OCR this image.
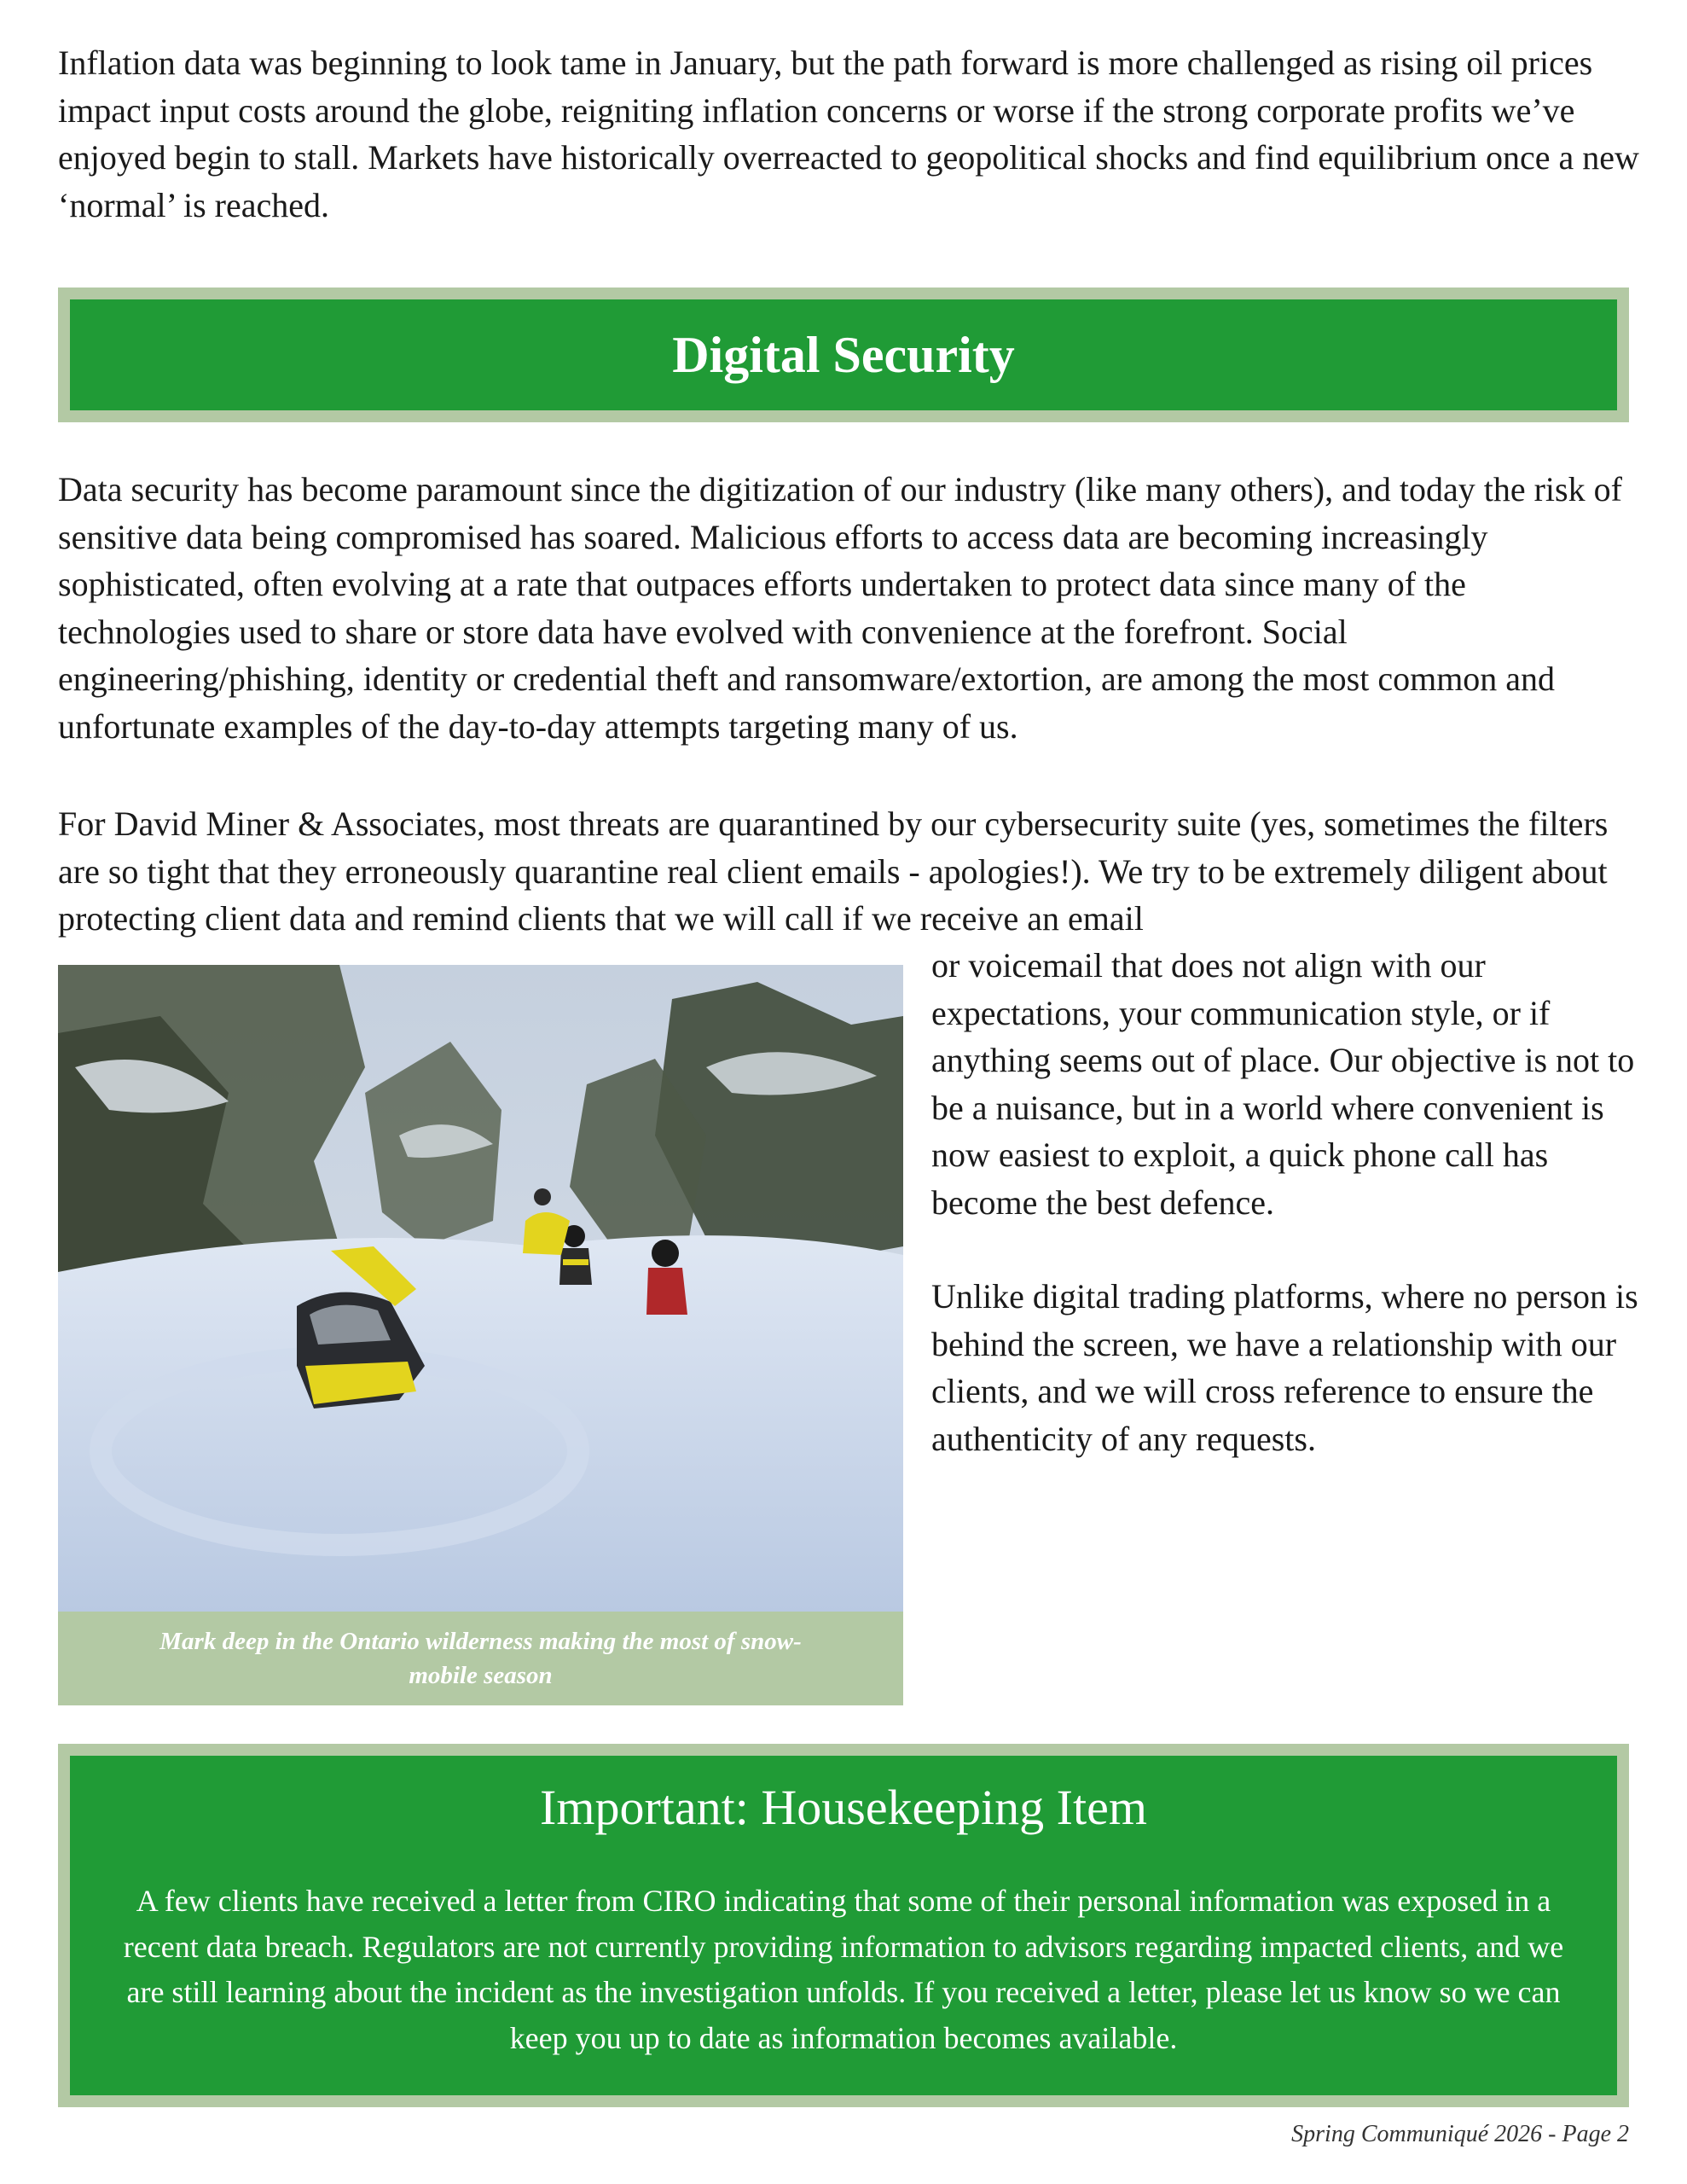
Inflation data was beginning to look tame in January, but the path forward is more challenged as rising oil prices impact input costs around the globe, reigniting inflation concerns or worse if the strong corporate profits we’ve enjoyed begin to stall. Markets have historically overreacted to geopolitical shocks and find equilibrium once a new ‘normal’ is reached.

Digital Security

Data security has become paramount since the digitization of our industry (like many others), and today the risk of sensitive data being compromised has soared. Malicious efforts to access data are becoming increasingly sophisticated, often evolving at a rate that outpaces efforts undertaken to protect data since many of the technologies used to share or store data have evolved with convenience at the forefront. Social engineering/phishing, identity or credential theft and ransomware/extortion, are among the most common and unfortunate examples of the day-to-day attempts targeting many of us.

For David Miner & Associates, most threats are quarantined by our cybersecurity suite (yes, sometimes the filters are so tight that they erroneously quarantine real client emails - apologies!). We try to be extremely diligent about protecting client data and remind clients that we will call if we receive an email

or voicemail that does not align with our expectations, your communication style, or if anything seems out of place. Our objective is not to be a nuisance, but in a world where convenient is now easiest to exploit, a quick phone call has become the best defence.

Unlike digital trading platforms, where no person is behind the screen, we have a relationship with our clients, and we will cross reference to ensure the authenticity of any requests.

Mark deep in the Ontario wilderness making the most of snow-mobile season
Important: Housekeeping Item
A few clients have received a letter from CIRO indicating that some of their personal information was exposed in a recent data breach. Regulators are not currently providing information to advisors regarding impacted clients, and we are still learning about the incident as the investigation unfolds. If you received a letter, please let us know so we can keep you up to date as information becomes available.
Spring Communiqué 2026 - Page 2
